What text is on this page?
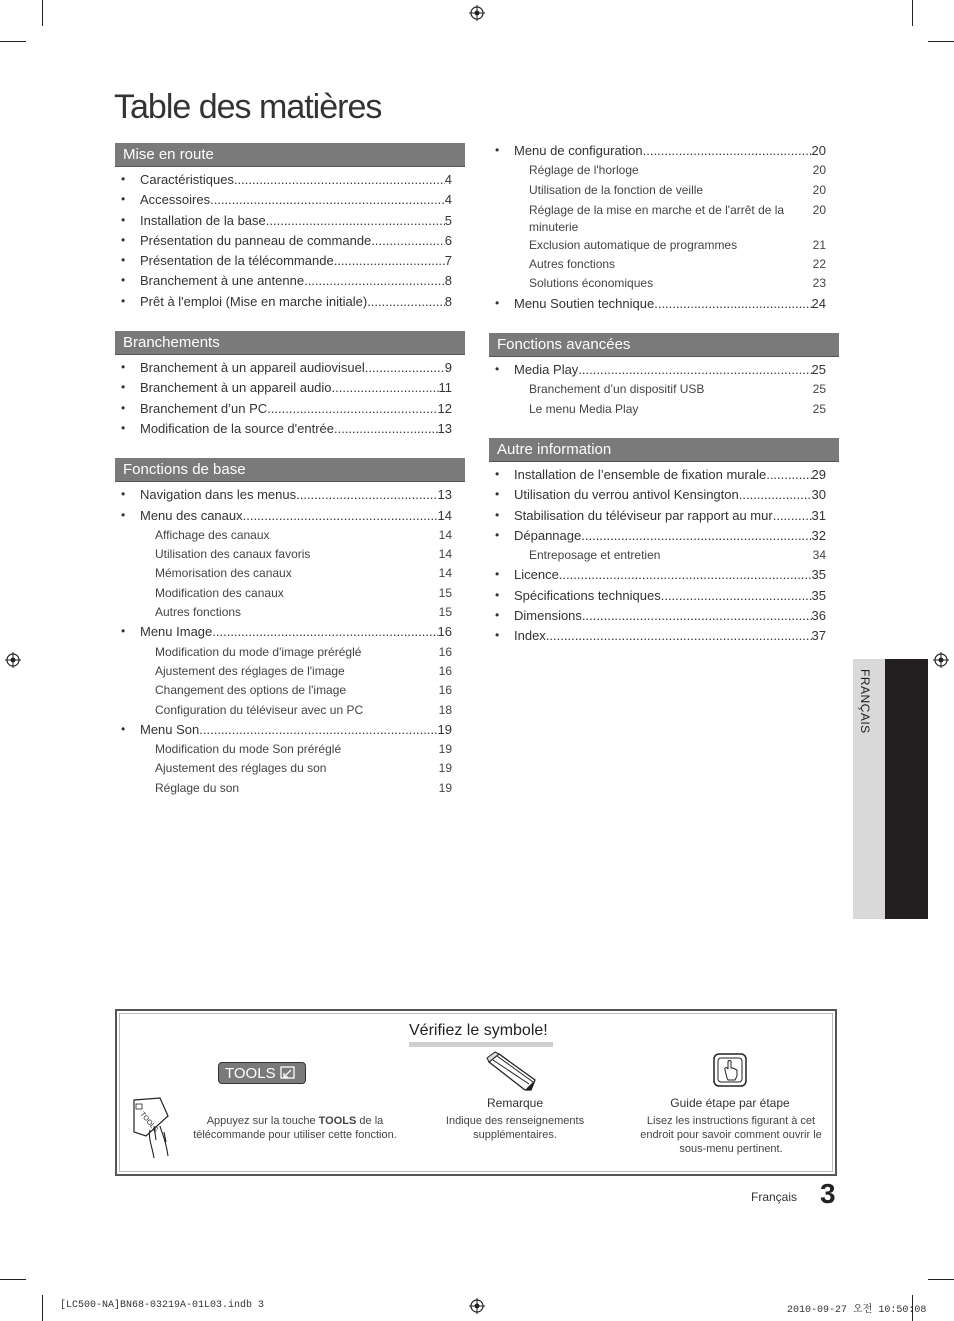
Table des matières
Mise en route
• Caractéristiques .....	4
• Accessoires .....	4
• Installation de la base .....	5
• Présentation du panneau de commande .....	6
• Présentation de la télécommande .....	7
• Branchement à une antenne .....	8
• Prêt à l'emploi (Mise en marche initiale) .....	8
Branchements
• Branchement à un appareil audiovisuel .....	9
• Branchement à un appareil audio .....	11
• Branchement d’un PC .....	12
• Modification de la source d'entrée .....	13
Fonctions de base
• Navigation dans les menus .....	13
• Menu des canaux .....	14
Affichage des canaux	14
Utilisation des canaux favoris	14
Mémorisation des canaux	14
Modification des canaux	15
Autres fonctions	15
• Menu Image .....	16
Modification du mode d'image préréglé	16
Ajustement des réglages de l'image	16
Changement des options de l'image	16
Configuration du téléviseur avec un PC	18
• Menu Son .....	19
Modification du mode Son préréglé	19
Ajustement des réglages du son	19
Réglage du son	19
• Menu de configuration .....	20
Réglage de l'horloge	20
Utilisation de la fonction de veille	20
Réglage de la mise en marche et de l'arrêt de la minuterie
20
Exclusion automatique de programmes	21
Autres fonctions	22
Solutions économiques	23
• Menu Soutien technique .....	24
Fonctions avancées
• Media Play .....	25
Branchement d’un dispositif USB	25
Le menu Media Play	25
Autre information
• Installation de l’ensemble de fixation murale .....	29
• Utilisation du verrou antivol Kensington .....	30
• Stabilisation du téléviseur par rapport au mur .....	31
• Dépannage .....	32
Entreposage et entretien	34
• Licence .....	35
• Spécifications techniques .....	35
• Dimensions .....	36
• Index .....	37
FRANÇAIS
Vérifiez le symbole!
TOOLS
TOOLS	Appuyez sur la touche TOOLS de la
télécommande pour utiliser cette fonction.
Remarque
Indique des renseignements supplémentaires.
Guide étape par étape
Lisez les instructions figurant à cet endroit pour savoir comment ouvrir le sous-menu pertinent.
Français 3
[LC500-NA]BN68-03219A-01L03.indb 3	2010-09-27 오전 10:50:08
